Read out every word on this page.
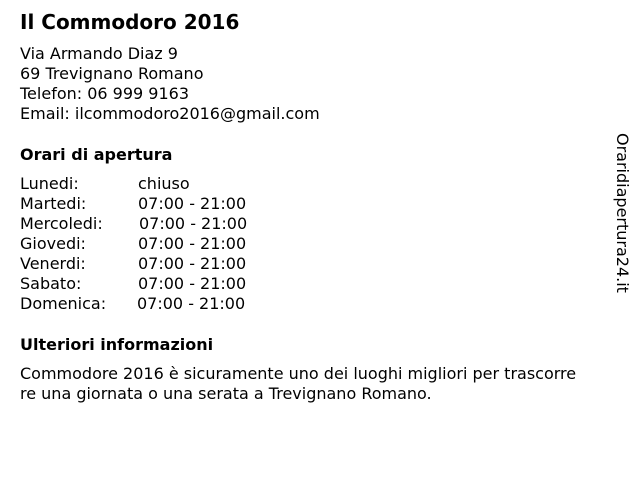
Il Commodoro 2016
Via Armando Diaz 9
69 Trevignano Romano
Telefon: 06 999 9163
Email: ilcommodoro2016@gmail.com
Orari di apertura
Lunedi:	chiuso
Martedi:	07:00 - 21:00
Mercoledi: 07:00 - 21:00
Giovedi:	07:00 - 21:00
Venerdi:	07:00 - 21:00
Sabato:	07:00 - 21:00
Domenica: 07:00 - 21:00
Ulteriori informazioni
Commodore 2016 è sicuramente uno dei luoghi migliori per trascorre
re una giornata o una serata a Trevignano Romano.
Oraridiapertura24.it
